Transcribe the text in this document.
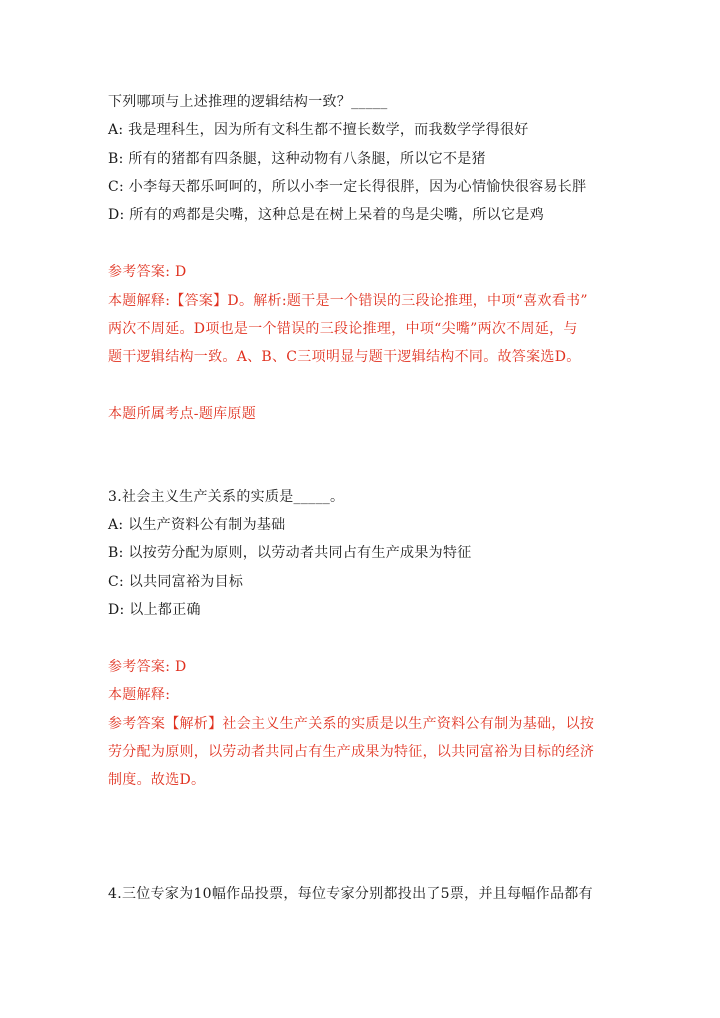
下列哪项与上述推理的逻辑结构一致？_____
A: 我是理科生，因为所有文科生都不擅长数学，而我数学学得很好
B: 所有的猪都有四条腿，这种动物有八条腿，所以它不是猪
C: 小李每天都乐呵呵的，所以小李一定长得很胖，因为心情愉快很容易长胖
D: 所有的鸡都是尖嘴，这种总是在树上呆着的鸟是尖嘴，所以它是鸡
参考答案: D
本题解释:【答案】D。解析:题干是一个错误的三段论推理，中项“喜欢看书”
两次不周延。D项也是一个错误的三段论推理，中项“尖嘴”两次不周延，与
题干逻辑结构一致。A、B、C三项明显与题干逻辑结构不同。故答案选D。
本题所属考点-题库原题
3.社会主义生产关系的实质是_____。
A: 以生产资料公有制为基础
B: 以按劳分配为原则，以劳动者共同占有生产成果为特征
C: 以共同富裕为目标
D: 以上都正确
参考答案: D
本题解释:
参考答案【解析】社会主义生产关系的实质是以生产资料公有制为基础，以按
劳分配为原则，以劳动者共同占有生产成果为特征，以共同富裕为目标的经济
制度。故选D。
4.三位专家为10幅作品投票，每位专家分别都投出了5票，并且每幅作品都有
